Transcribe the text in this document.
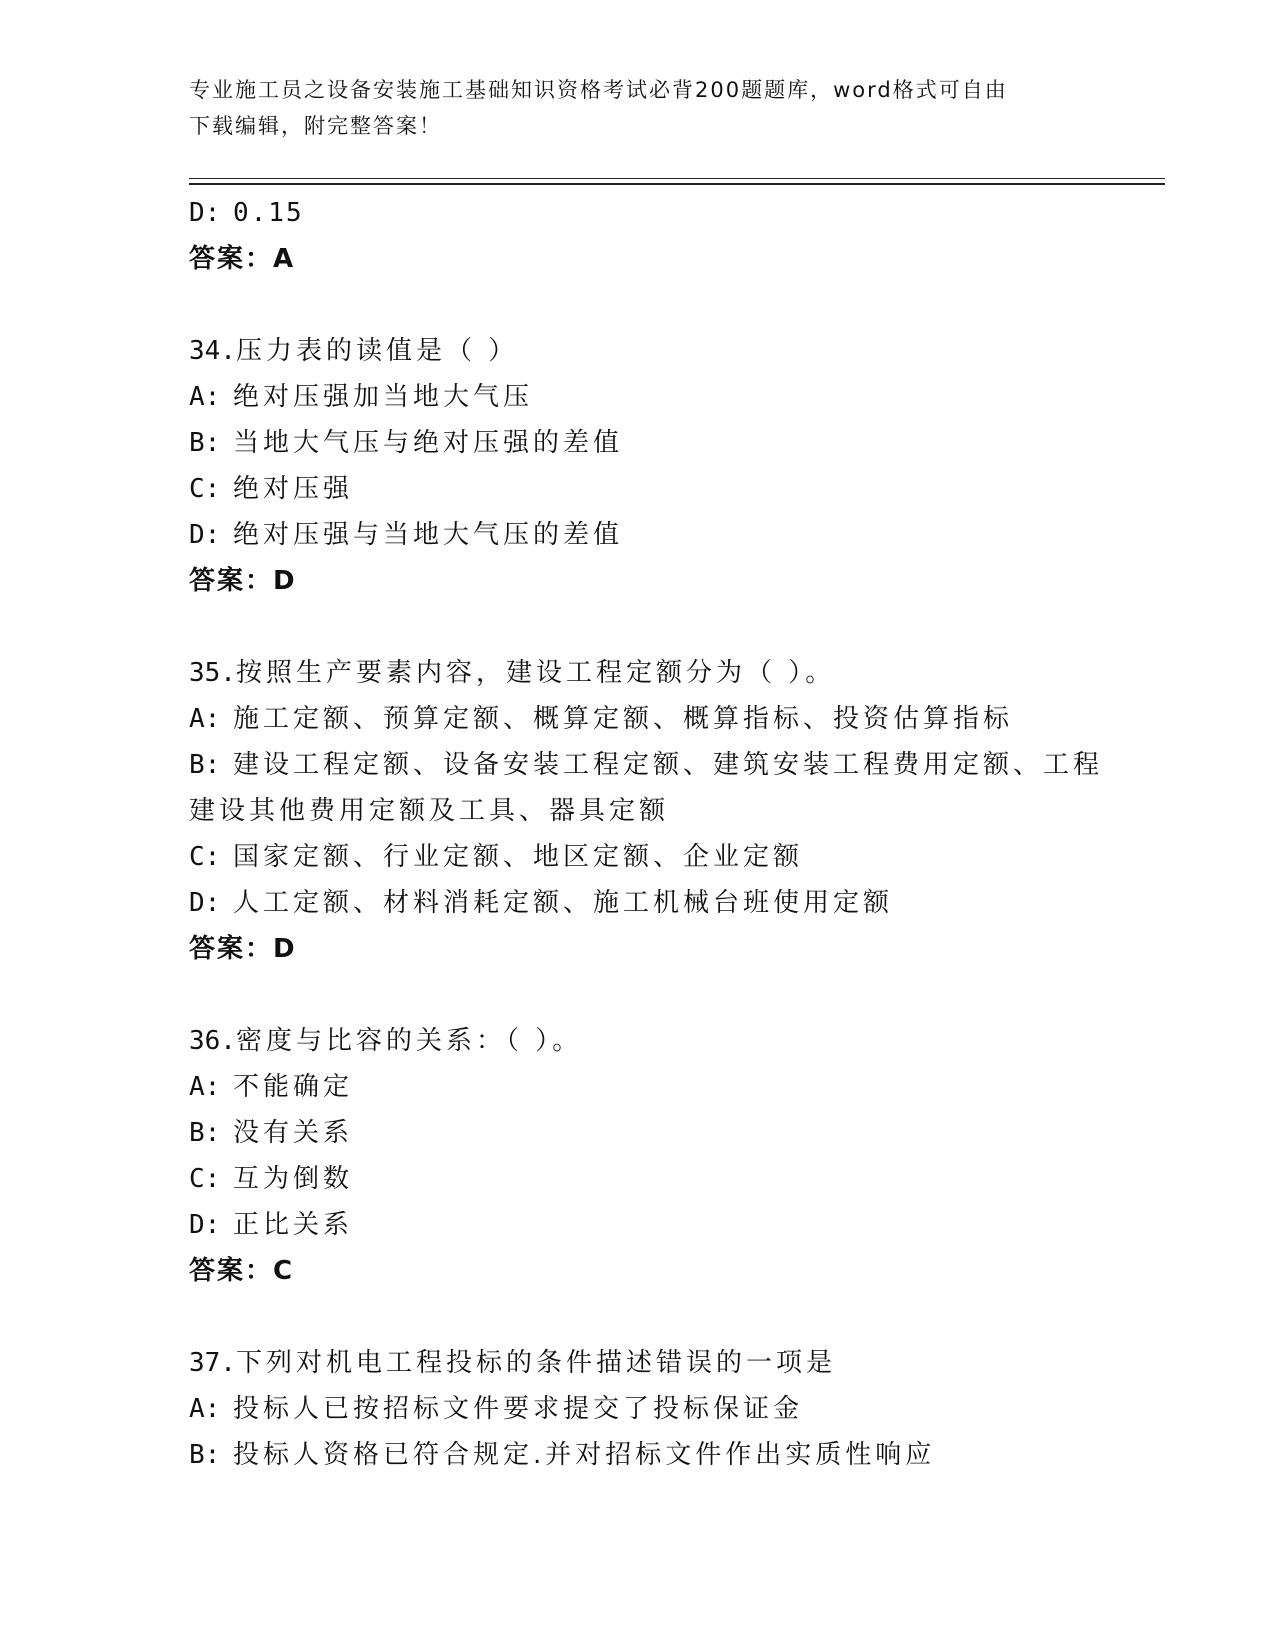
专业施工员之设备安装施工基础知识资格考试必背200题题库，word格式可自由
下载编辑，附完整答案！
D: 0.15
答案：A
34.压力表的读值是（ ）
A: 绝对压强加当地大气压
B: 当地大气压与绝对压强的差值
C: 绝对压强
D: 绝对压强与当地大气压的差值
答案：D
35.按照生产要素内容，建设工程定额分为（ ）。
A: 施工定额、预算定额、概算定额、概算指标、投资估算指标
B: 建设工程定额、设备安装工程定额、建筑安装工程费用定额、工程
建设其他费用定额及工具、器具定额
C: 国家定额、行业定额、地区定额、企业定额
D: 人工定额、材料消耗定额、施工机械台班使用定额
答案：D
36.密度与比容的关系：（ ）。
A: 不能确定
B: 没有关系
C: 互为倒数
D: 正比关系
答案：C
37.下列对机电工程投标的条件描述错误的一项是
A: 投标人已按招标文件要求提交了投标保证金
B: 投标人资格已符合规定.并对招标文件作出实质性响应
